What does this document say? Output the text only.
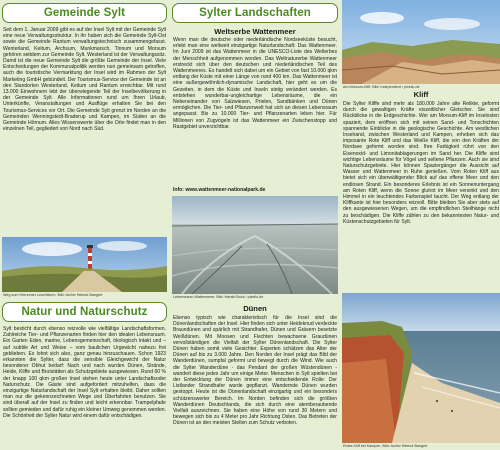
Gemeinde Sylt
Seit dem 1. Januar 2009 gibt es auf der Insel Sylt mit der Gemeinde Sylt eine neue Verwaltungsstruktur. In ihr haben sich die Gemeinde Sylt-Ost sowie die Gemeinde Rantum verwaltungstechnisch zusammengefasst. Wenterland, Keitum, Archsum, Munkmarsch, Tinnum und Morsum gehören seitdem zur Gemeinde Sylt. Westerland ist der Verwaltungssitz. Damit ist die neue Gemeinde Sylt die größte Gemeinde der Insel. Viele Entscheidungen der Kommunalpolitik werden nun gemeinsam getroffen, auch die touristische Vermarktung der Insel wird im Rahmen der Sylt Marketing GmbH gebündelt. Der Tourismus-Service der Gemeinde ist an den Standorten Westerland, Keitum und Rantum erreichbar. Mit rund 13.000 Einwohnern lebt der überwiegende Teil der Inselbevölkerung in der Gemeinde Sylt. Alle Informationen rund um Ihren Urlaub, Unterkünfte, Veranstaltungen und Ausflüge erhalten Sie bei den Tourismus-Services vor Ort. Die Gemeinde Sylt grenzt im Norden an die Gemeinden Wenningstedt-Braderup und Kampen, im Süden an die Gemeinde Hörnum. Alles Wissenswerte über die Orte findet man in den einzelnen Teil, gegliedert von Nord nach Süd.
Weg zum Hörnumer Leuchtturm, Bild: Archiv Helmut Bangert
Natur und Naturschutz
Sylt besticht durch ebenso reizvolle wie vielfältige Landschaftsformen. Zahlreiche Tier- und Pflanzenarten finden hier den idealen Lebensraum. Ein Garten Eden, marine, Lebensgemeinschaft, ökologisch intakt und – auf subtile Art und Weise – vom baulichen Urgewicht nahezu frei geblieben. Es lohnt sich also, ganz genau hinzuschauen. Schon 1923 erkannten die Sylter, dass die sensible Gleichgewicht der Natur besonderer Obhut bedarf: Nach und nach wurden Dünen, Strände, Heide, Kliffe und Brutstätten als Schutzgebiete ausgewiesen. Rund 60 % der knapp 100 qkm großen Insel stehen heute unter Landschaftsoder Naturschutz. Die Gäste sind aufgefordert mitzuhelfen, dass die einzigartige Naturlandschaft der Insel Sylt erhalten bleibt. Daher sollten man nur die gekennzeichneten Wege und Überfahrten benutzen. Sie sind überall auf der Insel zu finden und leicht erkennbar. Trampelpfade sollten gemieden und dafür ruhig ein kleiner Umweg genommen werden. Die Schönheit der Sylter Natur wird einem dafür entschädigen.
Sylter Landschaften
Weltserbe Wattenmeer
Wenn man die deutsche oder niederländische Nordseeküste besucht, erlebt man eine weltweit einzigartige Naturlandschaft: Das Wattenmeer. Im Juni 2009 ist das Wattenmeer in die UNESCO-Liste des Welterbes der Menschheit aufgenommen worden. Das Weltnaturerbe Wattenmeer erstreckt sich über den deutschen und niederländischen Teil des Wattenmeeres. Es handelt sich dabei um ein Gebiet von fast 10.000 qkm entlang der Küste mit einer Länge von rund 400 km. Das Wattenmeer ist eine außergewöhnlich-dynamische Landschaft, hier geht es um die Gezeiten, in dem die Küste und Inseln stetig verändert werden. Es entstehen wunderbar-ungleichartige Lebensräume, die ein Nebeneinander von Salzwiesen, Prielen, Sandbänken und Dünen ermöglichen. Die Tier- und Pflanzenwelt hat sich an diesen Lebensraum angepasst. Bis zu 10.000 Tier- und Pflanzenarten leben hier. Für Millionen von Zugvögeln ist das Wattenmeer ein Zwischenstopp und Rastgebiet unverzichtbar.
Info: www.wattenmeer-nationalpark.de
Lebensraum Wattenmeer, Bild: Harald Bock / pixelio.de
Dünen
Ebenso typisch wie charakteristisch für die Insel sind die Dünenlandschaften der Insel. Hier finden sich unter Heideknud verdeckte Braundünen und spärlich mit Strandhafer, Dünen und Gräsern besetzte Weißdünen. Mit Moosen und Flechten bewachsene Graudünen vervollständigen die Vielfalt der Sylter Dünenlandschaft. Die Sylter Dünen haben somit viele Gesichter. Experten schätzen das Alter der Dünen auf bis zu 3.000 Jahre. Den Norden der Insel prägt das Bild der Wanderdünen, sumpfal geformt und bewegt durch die Wind. Wie auch die Sylter Wanderdüne - das Pendant der großen Wüstendünen - wandert diese jedes Jahr um einige Meter. Menschen in Sylt spielten bei der Entwicklung der Dünen immer eine entscheidende Rolle: Der Listlander Strandhafer wurde gepflanzt. Wandernde Dünen wurden gestoppt. Heute ist die Dünenlandschaft einzigartig und ein besonders schützenswerter Bereich. Im Norden befinden sich die größten Wanderdünen Deutschlands, die sich durch eine atemberaubende Vielfalt auszeichnen. Sie haben eine Höhe von rund 30 Metern und bewegen sich bis zu 4 Meter pro Jahr Richtung Osten. Das Betreten der Dünen ist an den meisten Stellen zum Schutz verboten.
Am Morsum-Kliff, Bild: Independent / pixelio.de
Kliff
Die Sylter Kliffe sind mehr als 180.000 Jahre alte Relikte, geformt durch die gewaltigen Kräfte eiszeitlicher Gletscher. Sie sind Rückblicke in die Erdgeschichte. Wer am Morsum-Kliff im Inselosten spaziert, dem eröffnen sich mit seinen Sand- und Tonschichten spannende Einblicke in die geologische Geschichte. Am westlichen Inselrand, zwischen Westerland und Kampen, erheben sich das imposante Rote Kliff und das Weiße Kliff, die von den Kräften der Nordsee geformt worden sind. Ihre Farbigkeit rührt von den Eisenoxid- und Limonitablagerungen im Sand her. Die Kliffe sind wichtige Lebensräume für Vögel und seltene Pflanzen. Auch sie sind Naturschutzgebiete. Hier können Spaziergänger die Aussicht auf Wasser und Wattenmeer in Ruhe genießen. Vom Roten Kliff aus bietet sich ein überwältigender Blick auf das offene Meer und den endlosen Strand. Ein besonderes Erlebnis ist ein Sonnenuntergang am Roten Kliff, wenn die Sonne glutrot im Meer versinkt und den Himmel in ein leuchtendes Farbenspiel taucht. Der Weg entlang der Kliffkante ist hier besonders reizvoll. Bitte bleiben Sie aber stets auf den ausgewiesenen Wegen, um die empfindlichen Steilhänge nicht zu beschädigen. Die Kliffe zählen zu den bekanntesten Natur- und Küstenschutzgebieten für Sylt.
Rotes Kliff bei Kampen, Bild: Archiv Helmut Bangert
